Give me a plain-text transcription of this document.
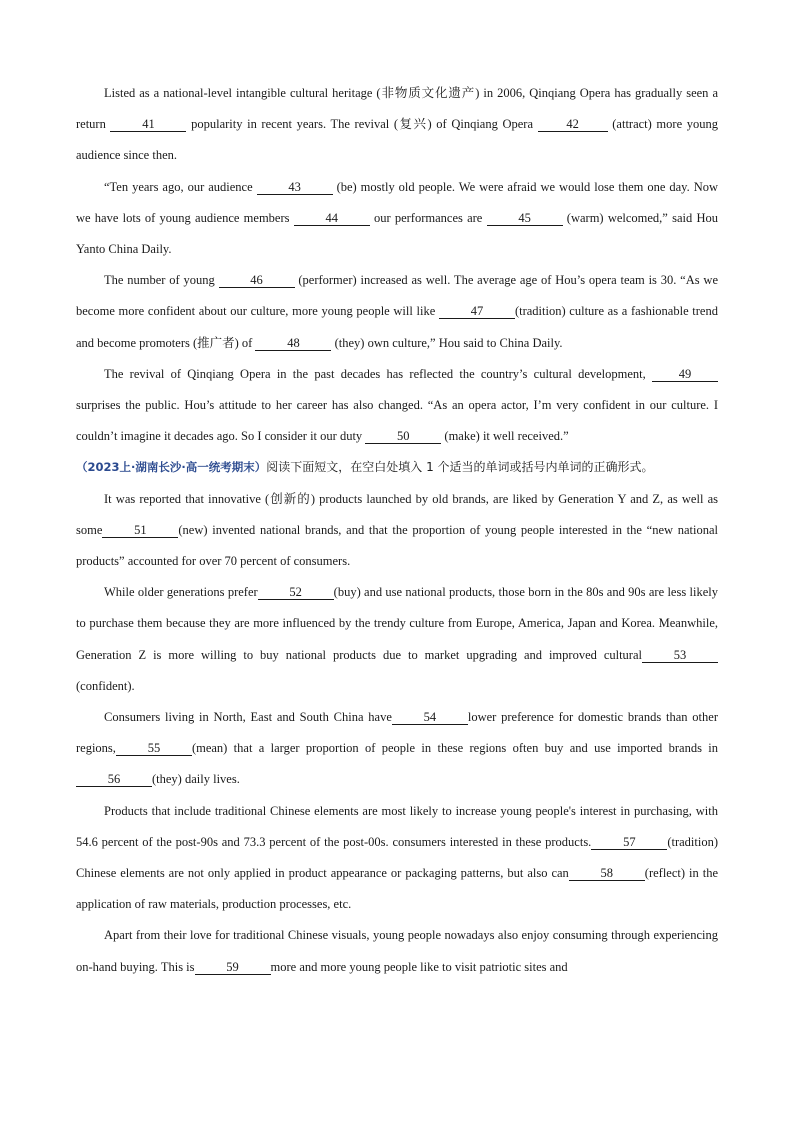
Listed as a national-level intangible cultural heritage (非物质文化遗产) in 2006, Qinqiang Opera has gradually seen a return	41	popularity in recent years. The revival (复兴) of Qinqiang Opera 42 (attract) more young audience since then.

“Ten years ago, our audience	43	(be) mostly old people. We were afraid we would lose them one day. Now we have lots of young audience members	44	our performances are	45	(warm) welcomed,” said Hou Yanto China Daily.

The number of young	46	(performer) increased as well. The average age of Hou’s opera team is 30. “As we become more confident about our culture, more young people will like	47	(tradition) culture as a fashionable trend and become promoters (推广者) of	48	(they) own culture,” Hou said to China Daily.

The revival of Qinqiang Opera in the past decades has reflected the country’s cultural development, 49 surprises the public. Hou’s attitude to her career has also changed. “As an opera actor, I’m very confident in our culture. I couldn’t imagine it decades ago. So I consider it our duty	50	(make) it well received.”

（2023上·湖南长沙·高一统考期末）阅读下面短文，在空白处填入 1 个适当的单词或括号内单词的正确形式。

It was reported that innovative (创新的) products launched by old brands, are liked by Generation Y and Z, as well as some	51	(new) invented national brands, and that the proportion of young people interested in the “new national products” accounted for over 70 percent of consumers.

While older generations prefer	52	(buy) and use national products, those born in the 80s and 90s are less likely to purchase them because they are more influenced by the trendy culture from Europe, America, Japan and Korea. Meanwhile, Generation Z is more willing to buy national products due to market upgrading and improved cultural	53(confident).

Consumers living in North, East and South China have	54	lower preference for domestic brands than other regions,	55	(mean) that a larger proportion of people in these regions often buy and use imported brands in56	(they) daily lives.

Products that include traditional Chinese elements are most likely to increase young people's interest in purchasing, with 54.6 percent of the post-90s and 73.3 percent of the post-00s. consumers interested in these products.	57	(tradition) Chinese elements are not only applied in product appearance or packaging patterns, but also can	58	(reflect) in the application of raw materials, production processes, etc.

Apart from their love for traditional Chinese visuals, young people nowadays also enjoy consuming through experiencing on-hand buying. This is	59	more and more young people like to visit patriotic sites and
